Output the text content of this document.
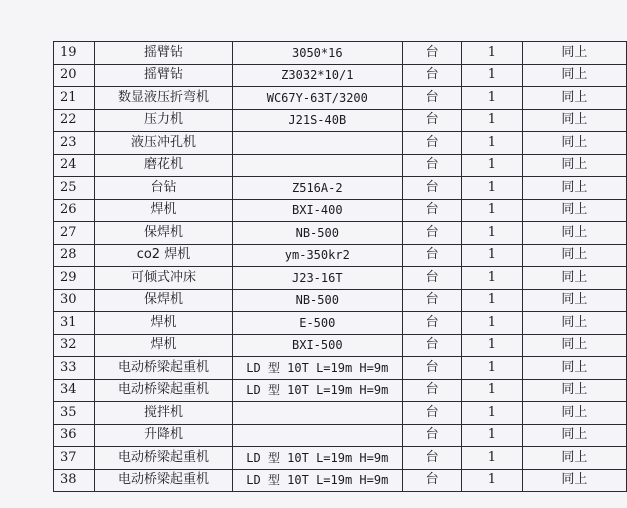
19	摇臂钻	3050*16	台	1	同上
20	摇臂钻	Z3032*10/1	台	1	同上
21	数显液压折弯机	WC67Y-63T/3200	台	1	同上
22	压力机	J21S-40B	台	1	同上
23	液压冲孔机		台	1	同上
24	磨花机		台	1	同上
25	台钻	Z516A-2	台	1	同上
26	焊机	BXI-400	台	1	同上
27	保焊机	NB-500	台	1	同上
28	co2 焊机	ym-350kr2	台	1	同上
29	可倾式冲床	J23-16T	台	1	同上
30	保焊机	NB-500	台	1	同上
31	焊机	E-500	台	1	同上
32	焊机	BXI-500	台	1	同上
33	电动桥梁起重机	LD 型 10T L=19m H=9m	台	1	同上
34	电动桥梁起重机	LD 型 10T L=19m H=9m	台	1	同上
35	搅拌机		台	1	同上
36	升降机		台	1	同上
37	电动桥梁起重机	LD 型 10T L=19m H=9m	台	1	同上
38	电动桥梁起重机	LD 型 10T L=19m H=9m	台	1	同上
